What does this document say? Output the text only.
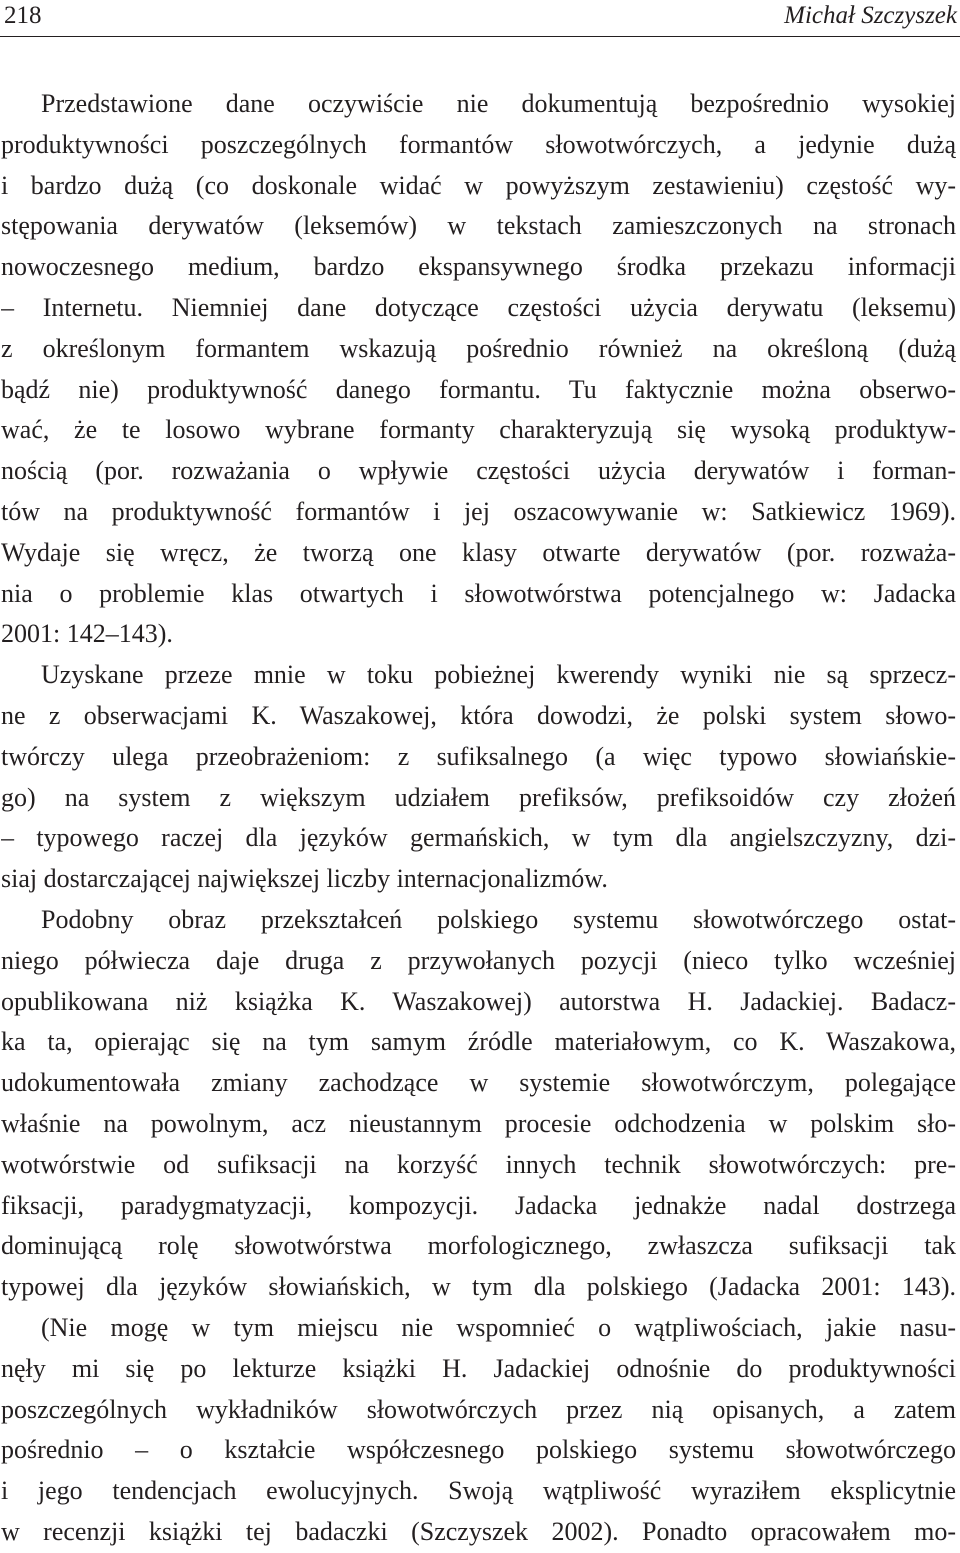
218	Michał Szczyszek
Przedstawione dane oczywiście nie dokumentują bezpośrednio wysokiej
produktywności poszczególnych formantów słowotwórczych, a jedynie dużą
i bardzo dużą (co doskonale widać w powyższym zestawieniu) częstość wy-
stępowania derywatów (leksemów) w tekstach zamieszczonych na stronach
nowoczesnego medium, bardzo ekspansywnego środka przekazu informacji
– Internetu. Niemniej dane dotyczące częstości użycia derywatu (leksemu)
z określonym formantem wskazują pośrednio również na określoną (dużą
bądź nie) produktywność danego formantu. Tu faktycznie można obserwo-
wać, że te losowo wybrane formanty charakteryzują się wysoką produktyw-
nością (por. rozważania o wpływie częstości użycia derywatów i forman-
tów na produktywność formantów i jej oszacowywanie w: Satkiewicz 1969).
Wydaje się wręcz, że tworzą one klasy otwarte derywatów (por. rozważa-
nia o problemie klas otwartych i słowotwórstwa potencjalnego w: Jadacka
2001: 142–143).
Uzyskane przeze mnie w toku pobieżnej kwerendy wyniki nie są sprzecz-
ne z obserwacjami K. Waszakowej, która dowodzi, że polski system słowo-
twórczy ulega przeobrażeniom: z sufiksalnego (a więc typowo słowiańskie-
go) na system z większym udziałem prefiksów, prefiksoidów czy złożeń
– typowego raczej dla języków germańskich, w tym dla angielszczyzny, dzi-
siaj dostarczającej największej liczby internacjonalizmów.
Podobny obraz przekształceń polskiego systemu słowotwórczego ostat-
niego półwiecza daje druga z przywołanych pozycji (nieco tylko wcześniej
opublikowana niż książka K. Waszakowej) autorstwa H. Jadackiej. Badacz-
ka ta, opierając się na tym samym źródle materiałowym, co K. Waszakowa,
udokumentowała zmiany zachodzące w systemie słowotwórczym, polegające
właśnie na powolnym, acz nieustannym procesie odchodzenia w polskim sło-
wotwórstwie od sufiksacji na korzyść innych technik słowotwórczych: pre-
fiksacji, paradygmatyzacji, kompozycji. Jadacka jednakże nadal dostrzega
dominującą rolę słowotwórstwa morfologicznego, zwłaszcza sufiksacji tak
typowej dla języków słowiańskich, w tym dla polskiego (Jadacka 2001: 143).
(Nie mogę w tym miejscu nie wspomnieć o wątpliwościach, jakie nasu-
nęły mi się po lekturze książki H. Jadackiej odnośnie do produktywności
poszczególnych wykładników słowotwórczych przez nią opisanych, a zatem
pośrednio – o kształcie współczesnego polskiego systemu słowotwórczego
i jego tendencjach ewolucyjnych. Swoją wątpliwość wyraziłem eksplicytnie
w recenzji książki tej badaczki (Szczyszek 2002). Ponadto opracowałem mo-
